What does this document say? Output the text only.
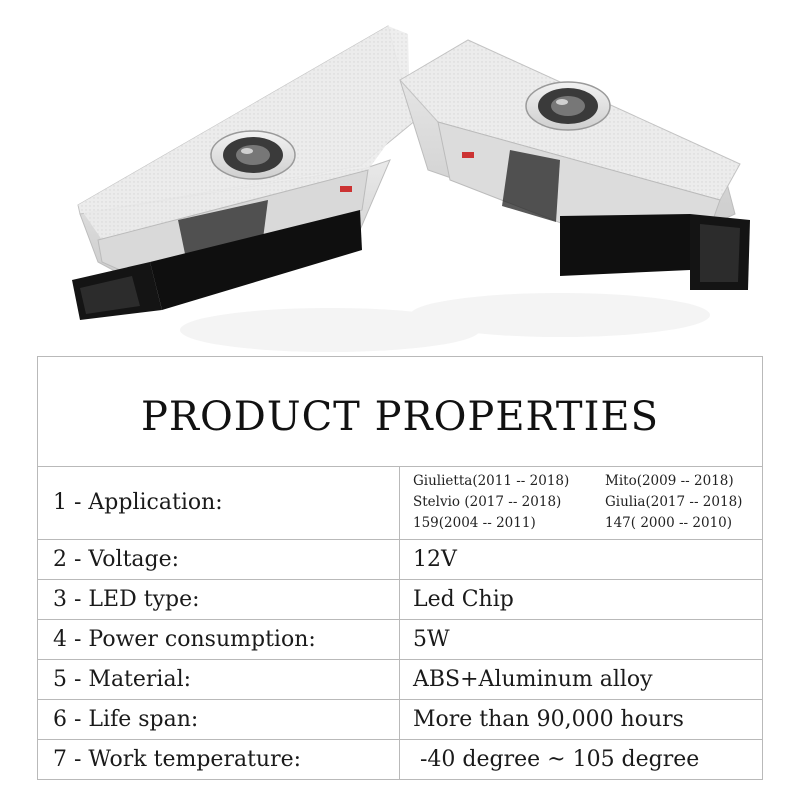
PRODUCT PROPERTIES
1 - Application:
Giulietta(2011 -- 2018)	Mito(2009 -- 2018)
Stelvio (2017 -- 2018)	Giulia(2017 -- 2018)
159(2004 -- 2011)	147( 2000 -- 2010)
2 - Voltage:	12V
3 - LED type:	Led Chip
4 - Power consumption:	5W
5 - Material:	ABS+Aluminum alloy
6 - Life span:	More than 90,000 hours
7 - Work temperature:	-40 degree ~ 105 degree
